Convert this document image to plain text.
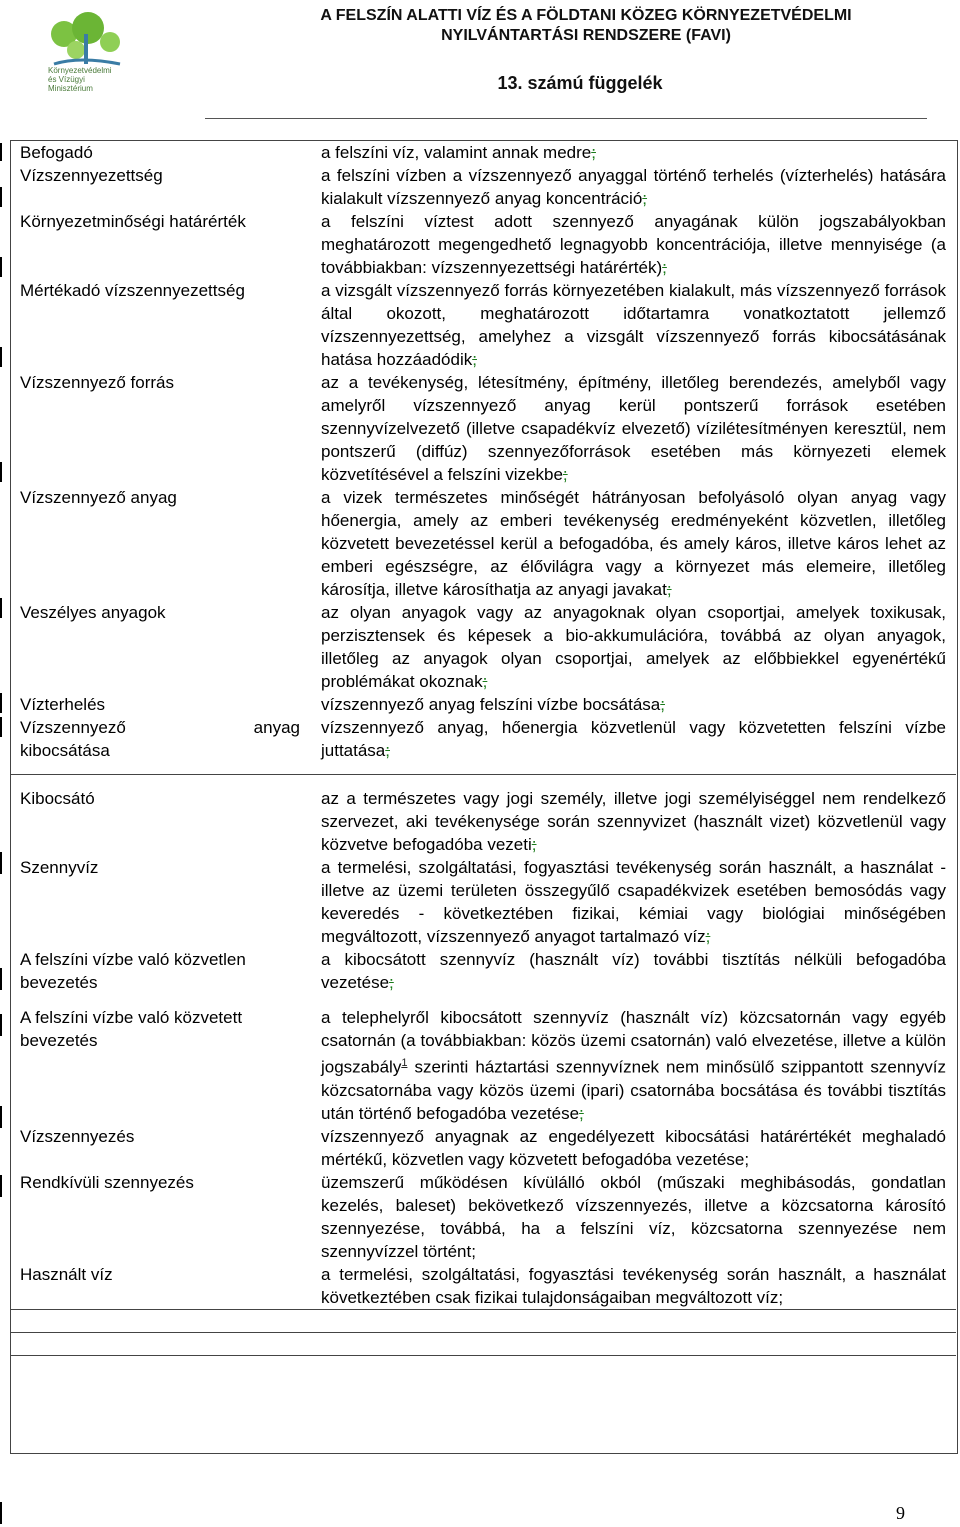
Környezetvédelmi
és Vízügyi
Minisztérium
A FELSZÍN ALATTI VÍZ ÉS A FÖLDTANI KÖZEG KÖRNYEZETVÉDELMI
NYILVÁNTARTÁSI RENDSZERE (FAVI)
13. számú függelék
Befogadó	a felszíni víz, valamint annak medre;
Vízszennyezettség	a felszíni vízben a vízszennyező anyaggal történő terhelés (vízterhelés) hatására kialakult vízszennyező anyag koncentráció;
Környezetminőségi határérték	a felszíni víztest adott szennyező anyagának külön jogszabályokban meghatározott megengedhető legnagyobb koncentrációja, illetve mennyisége (a továbbiakban: vízszennyezettségi határérték);
Mértékadó vízszennyezettség	a vizsgált vízszennyező forrás környezetében kialakult, más vízszennyező források által okozott, meghatározott időtartamra vonatkoztatott jellemző vízszennyezettség, amelyhez a vizsgált vízszennyező forrás kibocsátásának hatása hozzáadódik;
Vízszennyező forrás	az a tevékenység, létesítmény, építmény, illetőleg berendezés, amelyből vagy amelyről vízszennyező anyag kerül pontszerű források esetében szennyvízelvezető (illetve csapadékvíz elvezető) vízilétesítményen keresztül, nem pontszerű (diffúz) szennyezőforrások esetében más környezeti elemek közvetítésével a felszíni vizekbe;
Vízszennyező anyag	a vizek természetes minőségét hátrányosan befolyásoló olyan anyag vagy hőenergia, amely az emberi tevékenység eredményeként közvetlen, illetőleg közvetett bevezetéssel kerül a befogadóba, és amely káros, illetve káros lehet az emberi egészségre, az élővilágra vagy a környezet más elemeire, illetőleg károsítja, illetve károsíthatja az anyagi javakat;
Veszélyes anyagok	az olyan anyagok vagy az anyagoknak olyan csoportjai, amelyek toxikusak, perzisztensek és képesek a bio-akkumulációra, továbbá az olyan anyagok, illetőleg az anyagok olyan csoportjai, amelyek az előbbiekkel egyenértékű problémákat okoznak;
Vízterhelés	vízszennyező anyag felszíni vízbe bocsátása;

Vízszennyező anyag
kibocsátása	vízszennyező anyag, hőenergia közvetlenül vagy közvetetten felszíni vízbe juttatása;

Kibocsátó	az a természetes vagy jogi személy, illetve jogi személyiséggel nem rendelkező szervezet, aki tevékenysége során szennyvizet (használt vizet) közvetlenül vagy közvetve befogadóba vezeti;
Szennyvíz	a termelési, szolgáltatási, fogyasztási tevékenység során használt, a használat - illetve az üzemi területen összegyűlő csapadékvizek esetében bemosódás vagy keveredés - következtében fizikai, kémiai vagy biológiai minőségében megváltozott, vízszennyező anyagot tartalmazó víz;
A felszíni vízbe való közvetlen bevezetés	a kibocsátott szennyvíz (használt víz) további tisztítás nélküli befogadóba vezetése;

A felszíni vízbe való közvetett bevezetés	a telephelyről kibocsátott szennyvíz (használt víz) közcsatornán vagy egyéb csatornán (a továbbiakban: közös üzemi csatornán) való elvezetése, illetve a külön jogszabály$^1$ szerinti háztartási szennyvíznek nem minősülő szippantott szennyvíz közcsatornába vagy közös üzemi (ipari) csatornába bocsátása és további tisztítás után történő befogadóba vezetése;
Vízszennyezés	vízszennyező anyagnak az engedélyezett kibocsátási határértékét meghaladó mértékű, közvetlen vagy közvetett befogadóba vezetése;
Rendkívüli szennyezés	üzemszerű működésen kívülálló okból (műszaki meghibásodás, gondatlan kezelés, baleset) bekövetkező vízszennyezés, illetve a közcsatorna károsító szennyezése, továbbá, ha a felszíni víz, közcsatorna szennyezése nem szennyvízzel történt;
Használt víz	a termelési, szolgáltatási, fogyasztási tevékenység során használt, a használat következtében csak fizikai tulajdonságaiban megváltozott víz;

9
